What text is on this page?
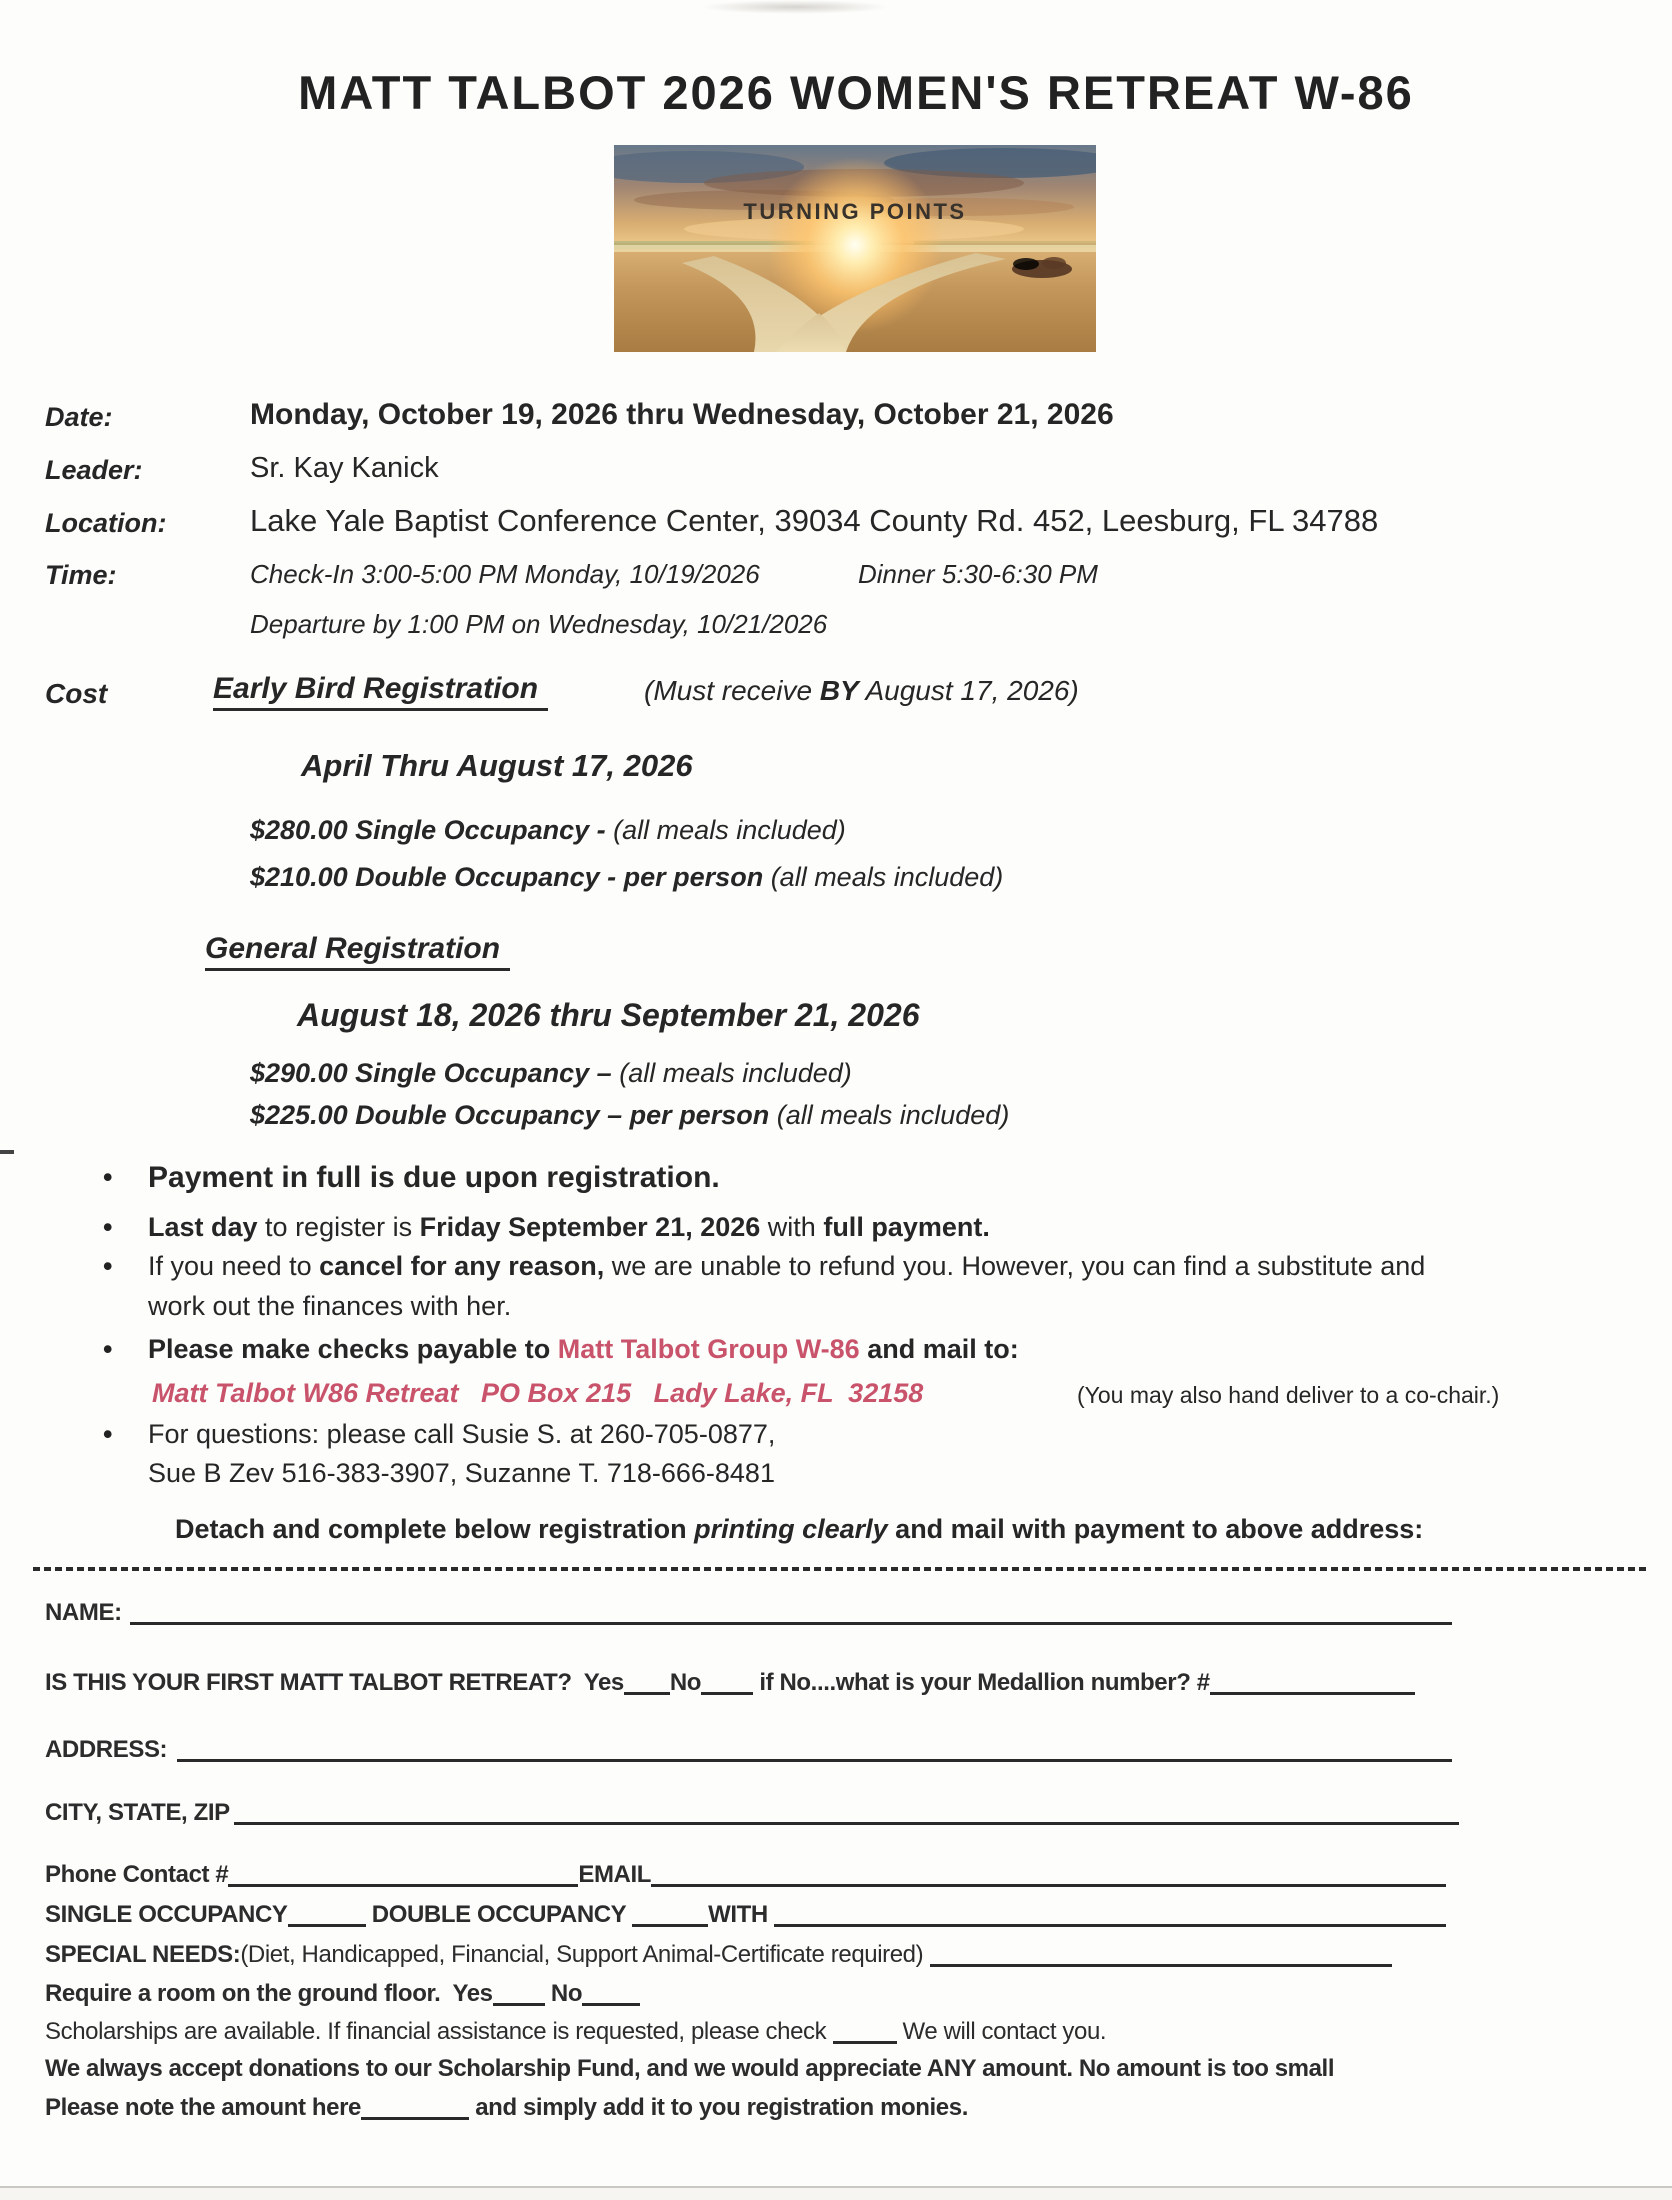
MATT TALBOT 2026 WOMEN'S RETREAT W-86
TURNING POINTS
Date:	Monday, October 19, 2026 thru Wednesday, October 21, 2026
Leader:	Sr. Kay Kanick
Location:	Lake Yale Baptist Conference Center, 39034 County Rd. 452, Leesburg, FL 34788
Time:	Check-In 3:00-5:00 PM Monday, 10/19/2026	Dinner 5:30-6:30 PM
Departure by 1:00 PM on Wednesday, 10/21/2026
Cost	Early Bird Registration	(Must receive BY August 17, 2026)
April Thru August 17, 2026
$280.00 Single Occupancy - (all meals included)
$210.00 Double Occupancy - per person (all meals included)
General Registration
August 18, 2026 thru September 21, 2026
$290.00 Single Occupancy – (all meals included)
$225.00 Double Occupancy – per person (all meals included)
• Payment in full is due upon registration.
• Last day to register is Friday September 21, 2026 with full payment.
• If you need to cancel for any reason, we are unable to refund you. However, you can find a substitute and
work out the finances with her.
• Please make checks payable to Matt Talbot Group W-86 and mail to:
Matt Talbot W86 Retreat   PO Box 215   Lady Lake, FL  32158	(You may also hand deliver to a co-chair.)
• For questions: please call Susie S. at 260-705-0877,
Sue B Zev 516-383-3907, Suzanne T. 718-666-8481
Detach and complete below registration printing clearly and mail with payment to above address:
NAME:
IS THIS YOUR FIRST MATT TALBOT RETREAT?  Yes No if No....what is your Medallion number? #
ADDRESS:
CITY, STATE, ZIP
Phone Contact #	EMAIL
SINGLE OCCUPANCY	DOUBLE OCCUPANCY	WITH
SPECIAL NEEDS:(Diet, Handicapped, Financial, Support Animal-Certificate required)
Require a room on the ground floor.  Yes No
Scholarships are available. If financial assistance is requested, please check	We will contact you.
We always accept donations to our Scholarship Fund, and we would appreciate ANY amount. No amount is too small
Please note the amount here	and simply add it to you registration monies.
